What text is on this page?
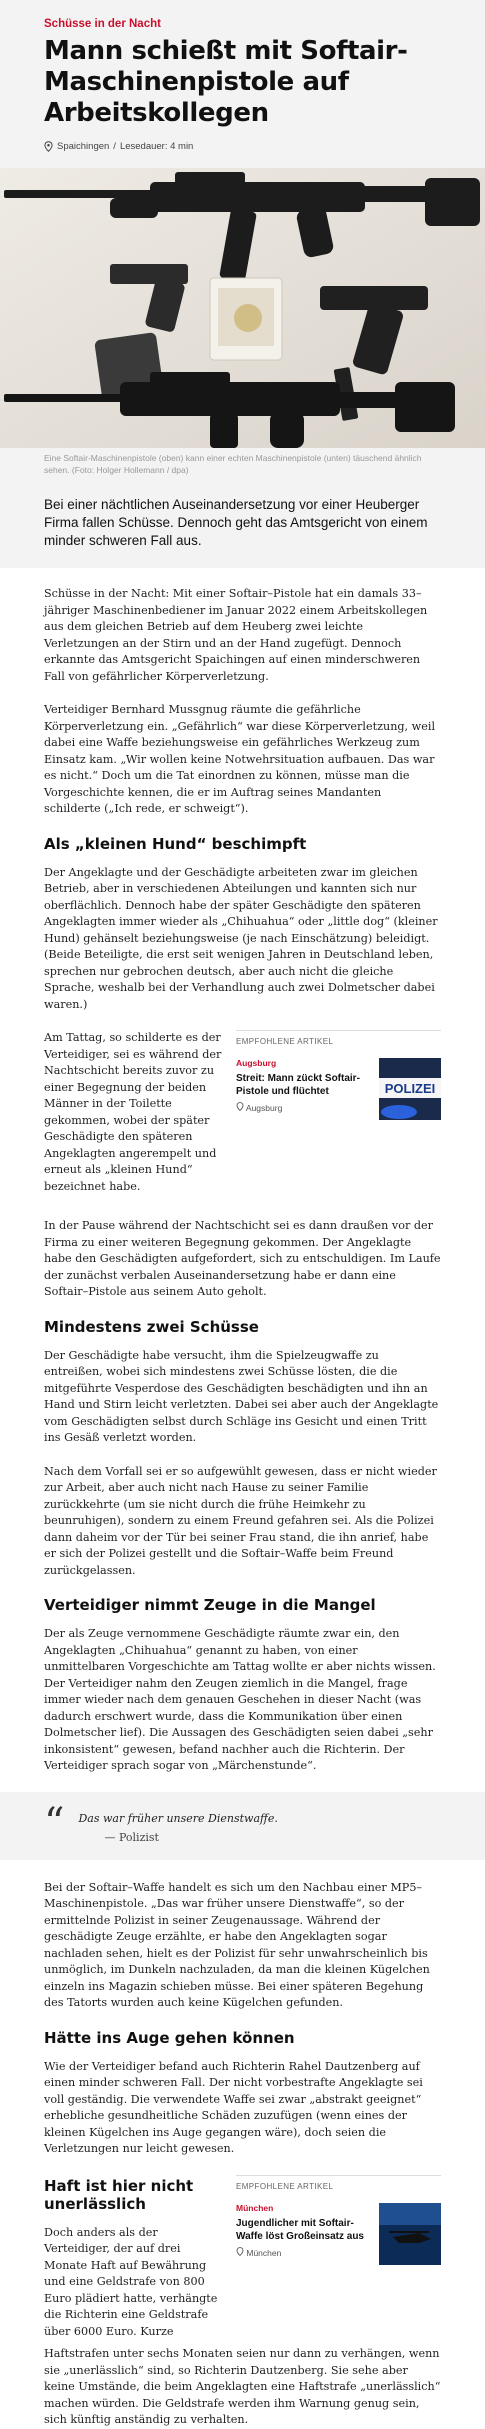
Schüsse in der Nacht
Mann schießt mit Softair-Maschinenpistole auf Arbeitskollegen
Spaichingen / Lesedauer: 4 min
Eine Softair-Maschinenpistole (oben) kann einer echten Maschinenpistole (unten) täuschend ähnlich sehen. (Foto: Holger Hollemann / dpa)
Bei einer nächtlichen Auseinandersetzung vor einer Heuberger Firma fallen Schüsse. Dennoch geht das Amtsgericht von einem minder schweren Fall aus.

Schüsse in der Nacht: Mit einer Softair–Pistole hat ein damals 33–jähriger Maschinenbediener im Januar 2022 einem Arbeitskollegen aus dem gleichen Betrieb auf dem Heuberg zwei leichte Verletzungen an der Stirn und an der Hand zugefügt. Dennoch erkannte das Amtsgericht Spaichingen auf einen minderschweren Fall von gefährlicher Körperverletzung.

Verteidiger Bernhard Mussgnug räumte die gefährliche Körperverletzung ein. „Gefährlich“ war diese Körperverletzung, weil dabei eine Waffe beziehungsweise ein gefährliches Werkzeug zum Einsatz kam. „Wir wollen keine Notwehrsituation aufbauen. Das war es nicht.“ Doch um die Tat einordnen zu können, müsse man die Vorgeschichte kennen, die er im Auftrag seines Mandanten schilderte („Ich rede, er schweigt“).

Als „kleinen Hund“ beschimpft

Der Angeklagte und der Geschädigte arbeiteten zwar im gleichen Betrieb, aber in verschiedenen Abteilungen und kannten sich nur oberflächlich. Dennoch habe der später Geschädigte den späteren Angeklagten immer wieder als „Chihuahua“ oder „little dog“ (kleiner Hund) gehänselt beziehungsweise (je nach Einschätzung) beleidigt. (Beide Beteiligte, die erst seit wenigen Jahren in Deutschland leben, sprechen nur gebrochen deutsch, aber auch nicht die gleiche Sprache, weshalb bei der Verhandlung auch zwei Dolmetscher dabei waren.)

Am Tattag, so schilderte es der Verteidiger, sei es während der Nachtschicht bereits zuvor zu einer Begegnung der beiden Männer in der Toilette gekommen, wobei der später Geschädigte den späteren Angeklagten angerempelt und erneut als „kleinen Hund“ bezeichnet habe.

EMPFOHLENE ARTIKEL
Augsburg
Streit: Mann zückt Softair-Pistole und flüchtet
Augsburg
POLIZEI

In der Pause während der Nachtschicht sei es dann draußen vor der Firma zu einer weiteren Begegnung gekommen. Der Angeklagte habe den Geschädigten aufgefordert, sich zu entschuldigen. Im Laufe der zunächst verbalen Auseinandersetzung habe er dann eine Softair–Pistole aus seinem Auto geholt.

Mindestens zwei Schüsse

Der Geschädigte habe versucht, ihm die Spielzeugwaffe zu entreißen, wobei sich mindestens zwei Schüsse lösten, die die mitgeführte Vesperdose des Geschädigten beschädigten und ihn an Hand und Stirn leicht verletzten. Dabei sei aber auch der Angeklagte vom Geschädigten selbst durch Schläge ins Gesicht und einen Tritt ins Gesäß verletzt worden.

Nach dem Vorfall sei er so aufgewühlt gewesen, dass er nicht wieder zur Arbeit, aber auch nicht nach Hause zu seiner Familie zurückkehrte (um sie nicht durch die frühe Heimkehr zu beunruhigen), sondern zu einem Freund gefahren sei. Als die Polizei dann daheim vor der Tür bei seiner Frau stand, die ihn anrief, habe er sich der Polizei gestellt und die Softair–Waffe beim Freund zurückgelassen.

Verteidiger nimmt Zeuge in die Mangel

Der als Zeuge vernommene Geschädigte räumte zwar ein, den Angeklagten „Chihuahua“ genannt zu haben, von einer unmittelbaren Vorgeschichte am Tattag wollte er aber nichts wissen. Der Verteidiger nahm den Zeugen ziemlich in die Mangel, frage immer wieder nach dem genauen Geschehen in dieser Nacht (was dadurch erschwert wurde, dass die Kommunikation über einen Dolmetscher lief). Die Aussagen des Geschädigten seien dabei „sehr inkonsistent“ gewesen, befand nachher auch die Richterin. Der Verteidiger sprach sogar von „Märchenstunde“.

“ Das war früher unsere Dienstwaffe.
— Polizist

Bei der Softair–Waffe handelt es sich um den Nachbau einer MP5–Maschinenpistole. „Das war früher unsere Dienstwaffe“, so der ermittelnde Polizist in seiner Zeugenaussage. Während der geschädigte Zeuge erzählte, er habe den Angeklagten sogar nachladen sehen, hielt es der Polizist für sehr unwahrscheinlich bis unmöglich, im Dunkeln nachzuladen, da man die kleinen Kügelchen einzeln ins Magazin schieben müsse. Bei einer späteren Begehung des Tatorts wurden auch keine Kügelchen gefunden.

Hätte ins Auge gehen können

Wie der Verteidiger befand auch Richterin Rahel Dautzenberg auf einen minder schweren Fall. Der nicht vorbestrafte Angeklagte sei voll geständig. Die verwendete Waffe sei zwar „abstrakt geeignet“ erhebliche gesundheitliche Schäden zuzufügen (wenn eines der kleinen Kügelchen ins Auge gegangen wäre), doch seien die Verletzungen nur leicht gewesen.

Haft ist hier nicht unerlässlich

Doch anders als der Verteidiger, der auf drei Monate Haft auf Bewährung und eine Geldstrafe von 800 Euro plädiert hatte, verhängte die Richterin eine Geldstrafe über 6000 Euro. Kurze

EMPFOHLENE ARTIKEL
München
Jugendlicher mit Softair-Waffe löst Großeinsatz aus
München

Haftstrafen unter sechs Monaten seien nur dann zu verhängen, wenn sie „unerlässlich“ sind, so Richterin Dautzenberg. Sie sehe aber keine Umstände, die beim Angeklagten eine Haftstrafe „unerlässlich“ machen würden. Die Geldstrafe werden ihm Warnung genug sein, sich künftig anständig zu verhalten.
